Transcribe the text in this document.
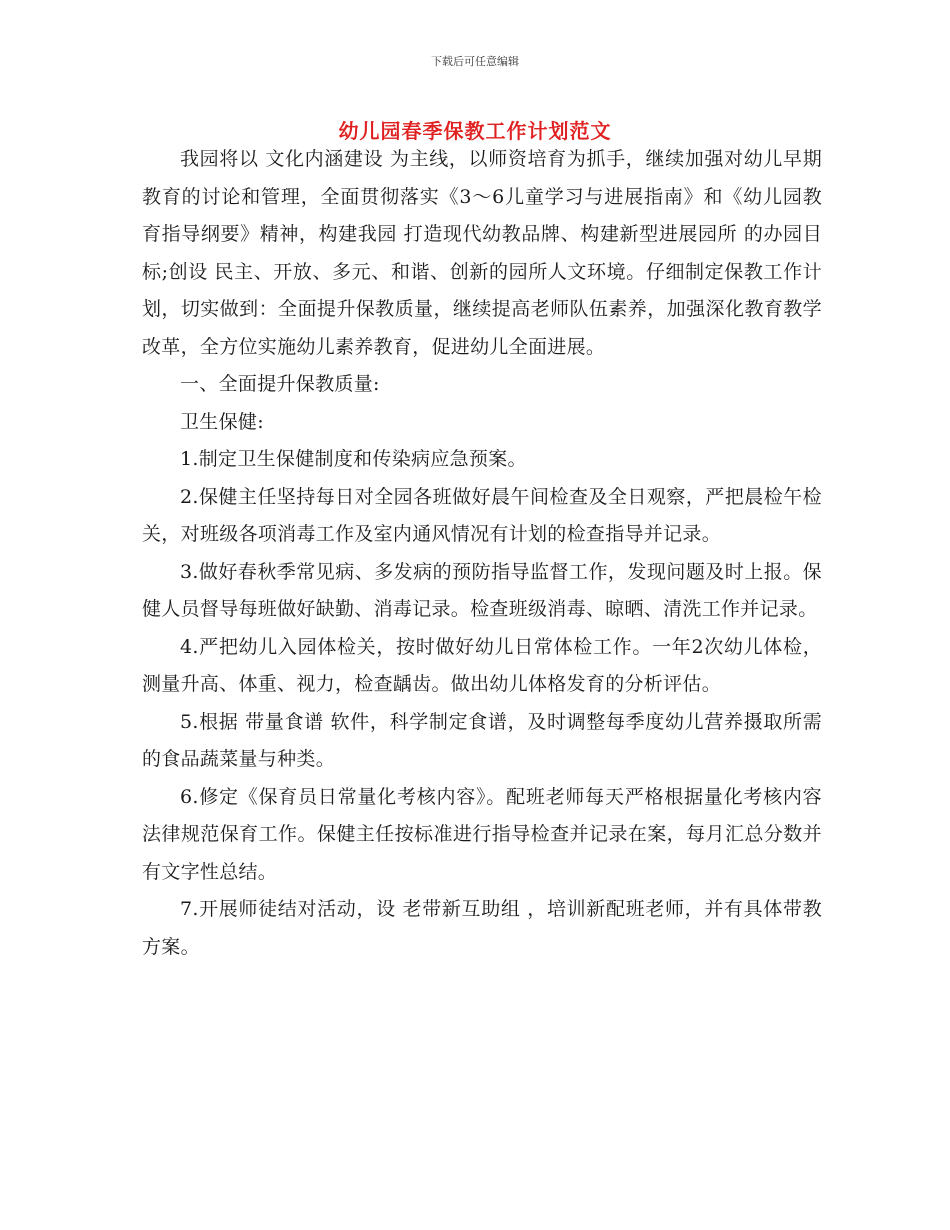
下载后可任意编辑
幼儿园春季保教工作计划范文

我园将以 文化内涵建设 为主线，以师资培育为抓手，继续加强对幼儿早期教育的讨论和管理，全面贯彻落实《3～6儿童学习与进展指南》和《幼儿园教育指导纲要》精神，构建我园 打造现代幼教品牌、构建新型进展园所 的办园目标;创设 民主、开放、多元、和谐、创新的园所人文环境。仔细制定保教工作计划，切实做到：全面提升保教质量，继续提高老师队伍素养，加强深化教育教学改革，全方位实施幼儿素养教育，促进幼儿全面进展。

一、全面提升保教质量:

卫生保健:

1.制定卫生保健制度和传染病应急预案。

2.保健主任坚持每日对全园各班做好晨午间检查及全日观察，严把晨检午检关，对班级各项消毒工作及室内通风情况有计划的检查指导并记录。

3.做好春秋季常见病、多发病的预防指导监督工作，发现问题及时上报。保健人员督导每班做好缺勤、消毒记录。检查班级消毒、晾晒、清洗工作并记录。

4.严把幼儿入园体检关，按时做好幼儿日常体检工作。一年2次幼儿体检，测量升高、体重、视力，检查龋齿。做出幼儿体格发育的分析评估。

5.根据 带量食谱 软件，科学制定食谱，及时调整每季度幼儿营养摄取所需的食品蔬菜量与种类。

6.修定《保育员日常量化考核内容》。配班老师每天严格根据量化考核内容法律规范保育工作。保健主任按标准进行指导检查并记录在案，每月汇总分数并有文字性总结。

7.开展师徒结对活动，设 老带新互助组 ，培训新配班老师，并有具体带教方案。
